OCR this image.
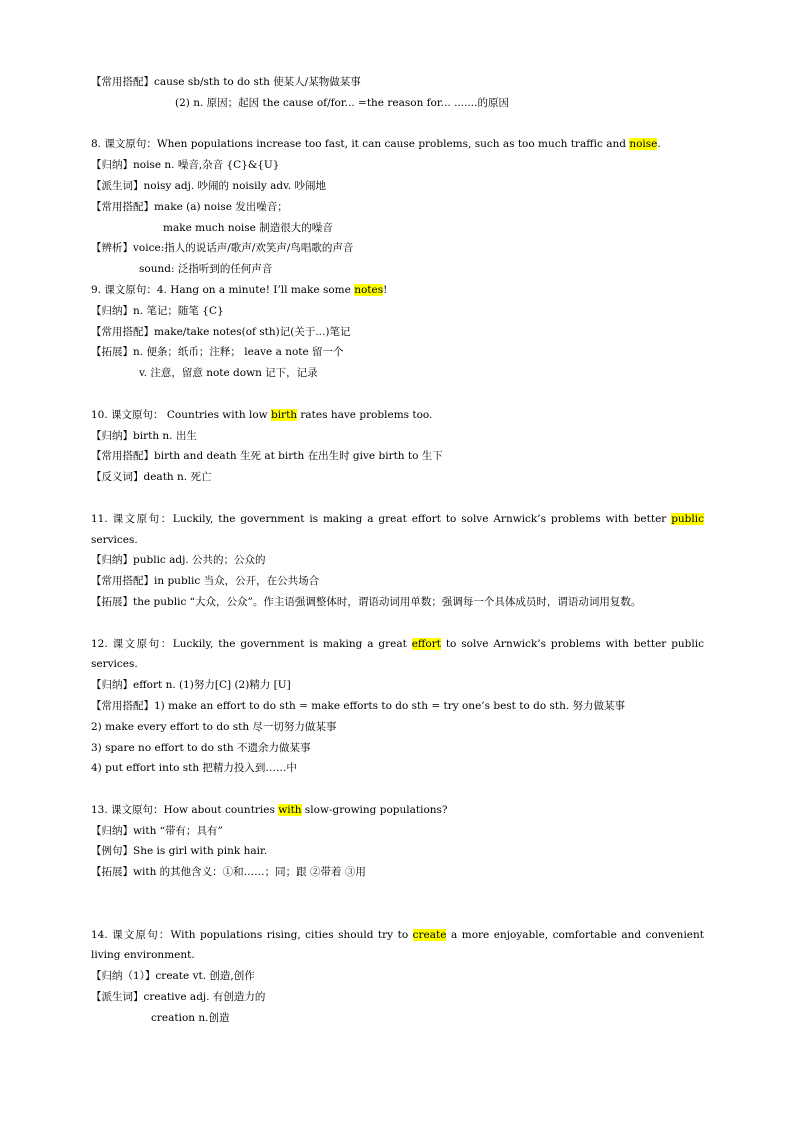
【常用搭配】cause sb/sth to do sth 使某人/某物做某事
(2) n. 原因；起因 the cause of/for... =the reason for... .......的原因
8. 课文原句：When populations increase too fast, it can cause problems, such as too much traffic and noise.
【归纳】noise n. 噪音,杂音 {C}&{U}
【派生词】noisy adj. 吵闹的 noisily adv. 吵闹地
【常用搭配】make (a) noise 发出噪音；
make much noise 制造很大的噪音
【辨析】voice:指人的说话声/歌声/欢笑声/鸟唱歌的声音
sound: 泛指听到的任何声音
9. 课文原句：4. Hang on a minute! I’ll make some notes!
【归纳】n. 笔记；随笔 {C}
【常用搭配】make/take notes(of sth)记(关于...)笔记
【拓展】n. 便条；纸币；注释； leave a note 留一个
v. 注意，留意 note down 记下，记录
10. 课文原句： Countries with low birth rates have problems too.
【归纳】birth n. 出生
【常用搭配】birth and death 生死 at birth 在出生时 give birth to 生下
【反义词】death n. 死亡
11. 课文原句：Luckily, the government is making a great effort to solve Arnwick’s problems with better public services.
【归纳】public adj. 公共的；公众的
【常用搭配】in public 当众，公开，在公共场合
【拓展】the public “大众，公众”。作主语强调整体时，谓语动词用单数；强调每一个具体成员时，谓语动词用复数。
12. 课文原句：Luckily, the government is making a great effort to solve Arnwick’s problems with better public services.
【归纳】effort n. (1)努力[C] (2)精力 [U]
【常用搭配】1) make an effort to do sth = make efforts to do sth = try one’s best to do sth. 努力做某事
2) make every effort to do sth 尽一切努力做某事
3) spare no effort to do sth 不遗余力做某事
4) put effort into sth 把精力投入到……中
13. 课文原句：How about countries with slow-growing populations?
【归纳】with “带有；具有”
【例句】She is girl with pink hair.
【拓展】with 的其他含义：①和……；同；跟 ②带着 ③用
14. 课文原句：With populations rising, cities should try to create a more enjoyable, comfortable and convenient living environment.
【归纳（1）】create vt. 创造,创作
【派生词】creative adj. 有创造力的
creation n.创造
